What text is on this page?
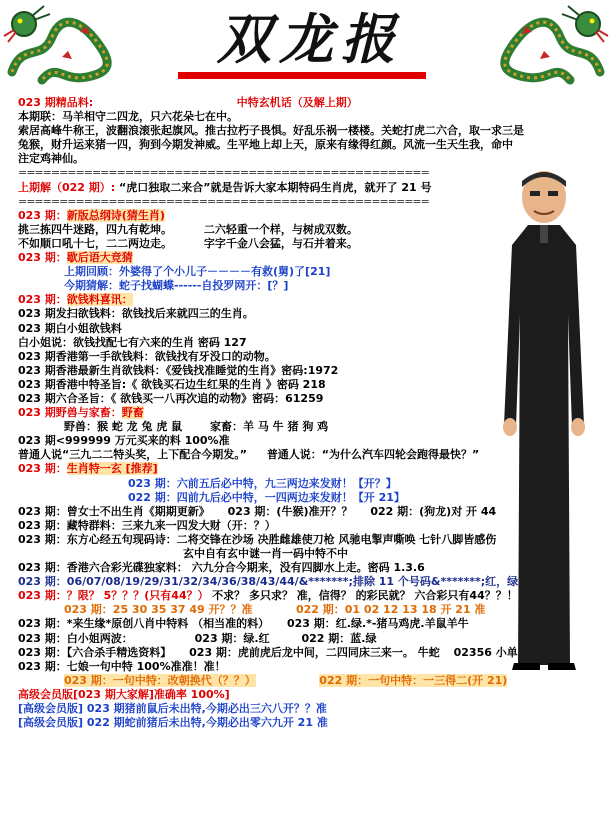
双龙报
023 期精品料:	中特玄机话（及解上期）
本期联：马羊相守二四龙，只六花朵七在中。
索居高峰牛称王，波翻浪滚张起旗风。推古拉朽子畏惧。好乱乐祸一楼楼。关蛇打虎二六合，取一求三是
兔猴，财升运来猪一四，狗到今期发神威。生平地上却上天，原来有缘得红颜。风流一生天生我，命中
注定鸡神仙。
==================================================
上期解（022 期）: “虎口独取二来合”就是告诉大家本期特码生肖虎，就开了 21 号
==================================================
023 期：新版总纲诗(猜生肖)
挑三拣四牛迷路，四九有乾坤。	二六轻重一个样，与树成双数。
不如顺口吼十七，二二两边走。	字字千金八会猛，与石并着来。
023 期：歇后语大竞猜
上期回顾：外婆得了个小儿子－－－－有救(舅)了[21]
今期猜解：蛇子找蝴蝶------自投罗网开：[？]
023 期：欲钱料喜讯：
023 期发扫欲钱料：欲钱找后来就四三的生肖。
023 期白小姐欲钱料
白小姐说：欲钱找配七有六来的生肖 密码 127
023 期香港第一手欲钱料：欲钱找有牙没口的动物。
023 期香港最新生肖欲钱料：《爱钱找准睡觉的生肖》密码:1972
023 期香港中特圣旨:《 欲钱买石边生红果的生肖 》密码 218
023 期六合圣旨：《 欲钱买一八再次追的动物》密码：61259
023 期野兽与家畜：野畜
野兽：猴 蛇 龙 兔 虎 鼠	家畜：羊 马 牛 猪 狗 鸡
023 期<999999 万元买来的料 100%准
普通人说“三九二二特头奖，上下配合今期发。” 普通人说：“为什么汽车四轮会跑得最快？”
023 期：生肖特一玄 [推荐]
023 期：六前五后必中特，九三两边来发财！【开？】
022 期：四前九后必中特，一四两边来发财！【开 21】
023 期：曾女士不出生肖《期期更新》 023 期：(牛猴)准开？？ 022 期：(狗龙)对 开 44
023 期：藏特群料：三来九来一四发大财（开：？）
023 期：东方心经五句现码诗：二将交锋在沙场 决胜雌雄使刀枪 风驰电掣声嘶唤 七针八脚皆感伤
玄中自有玄中谜一肖一码中特不中
023 期：香港六合彩光碟独家料： 六九分合今期来，没有四脚水上走。密码 1.3.6
023 期：06/07/08/19/29/31/32/34/36/38/43/44/&*******;排除 11 个号码&*******;红，绿
023 期：？限？ 5？？？(只有44？） 不求？ 多只求？ 准，信得？ 的彩民就？ 六合彩只有44？？！
023 期：25 30 35 37 49 开？？准	022 期：01 02 12 13 18 开 21 准
023 期：*来生缘*原创八肖中特料 （相当准的料） 023 期：红.绿.*-猪马鸡虎.羊鼠羊牛
023 期：白小姐两波：	023 期：绿.红	022 期：蓝.绿
023 期：【六合杀手精选资料】 023 期：虎前虎后龙中间，二四同床三来一。 牛蛇 02356 小单
023 期：七娘一句中特 100%准准！准！
023 期：一句中特：改朝换代（？？）	022 期：一句中特：一三得二(开 21)
高级会员版[023 期大家解]准确率 100%]
[高级会员版] 023 期猪前鼠后未出特,今期必出三六八开？？准
[高级会员版] 022 期蛇前猪后未出特,今期必出零六九开 21 准
